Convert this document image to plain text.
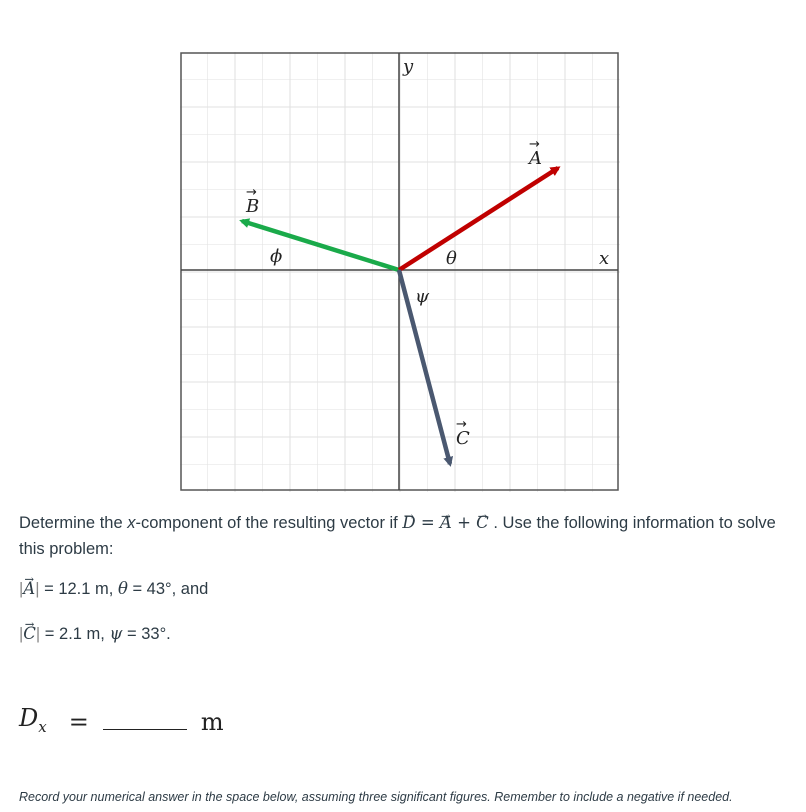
y
x
A
→
B
→
C
→
θ
ϕ
ψ
Determine the x-component of the resulting vector if → D = → A + → C . Use the following information to solve this problem:
|→ A| = 12.1 m, θ = 43°, and
|→ C| = 2.1 m, ψ = 33°.
$D_x$ =	m
Record your numerical answer in the space below, assuming three significant figures. Remember to include a negative if needed.
